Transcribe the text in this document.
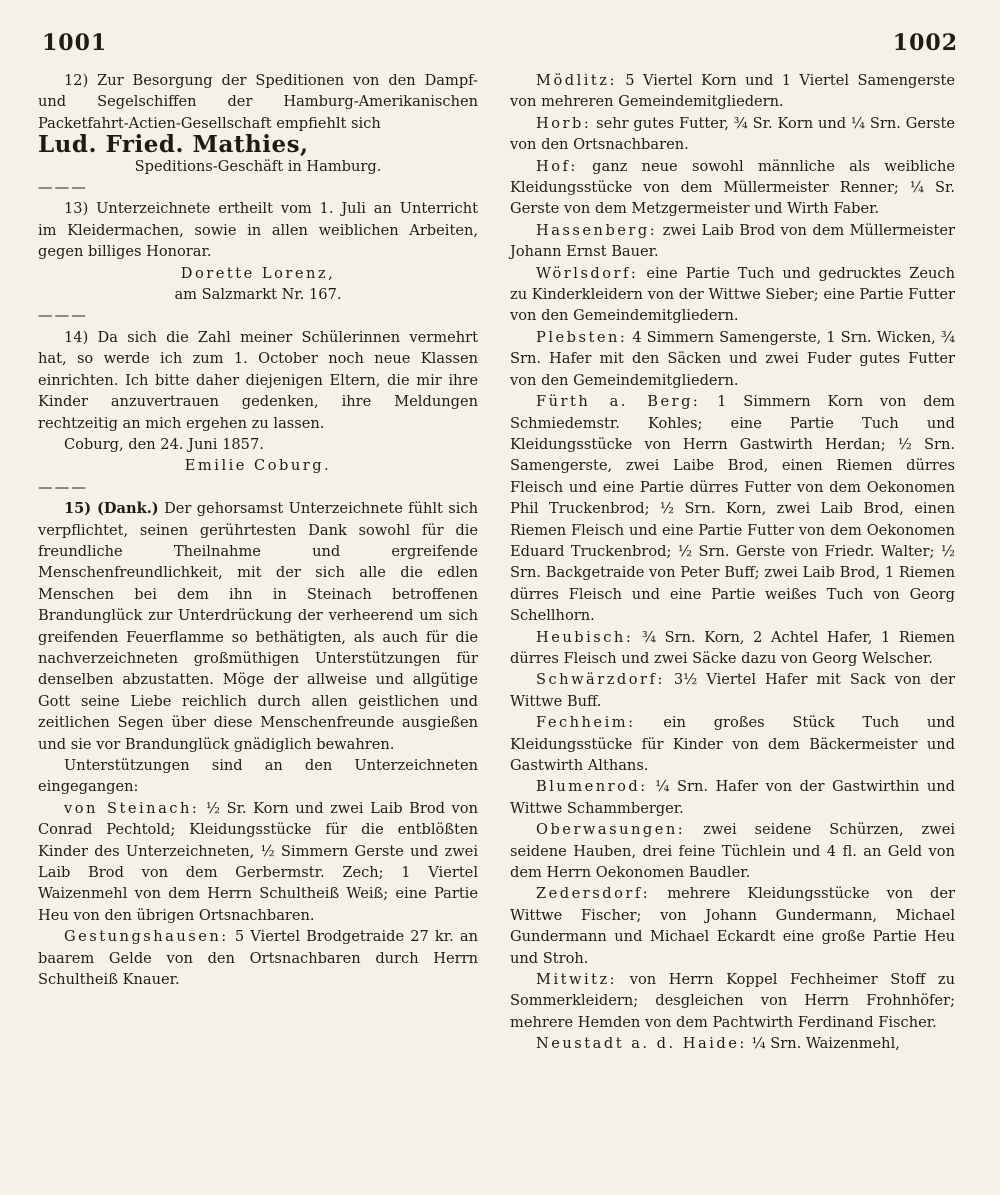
1001	1002

12) Zur Besorgung der Speditionen von den Dampf- und Segelschiffen der Hamburg-Amerikanischen Packetfahrt-Actien-Gesellschaft empfiehlt sich

Lud. Fried. Mathies,

Speditions-Geschäft in Hamburg.

———

13) Unterzeichnete ertheilt vom 1. Juli an Unterricht im Kleidermachen, sowie in allen weiblichen Arbeiten, gegen billiges Honorar.

Dorette Lorenz,

am Salzmarkt Nr. 167.

———

14) Da sich die Zahl meiner Schülerinnen vermehrt hat, so werde ich zum 1. October noch neue Klassen einrichten. Ich bitte daher diejenigen Eltern, die mir ihre Kinder anzuvertrauen gedenken, ihre Meldungen rechtzeitig an mich ergehen zu lassen.

Coburg, den 24. Juni 1857.

Emilie Coburg.

———

15) (Dank.) Der gehorsamst Unterzeichnete fühlt sich verpflichtet, seinen gerührtesten Dank sowohl für die freundliche Theilnahme und ergreifende Menschenfreundlichkeit, mit der sich alle die edlen Menschen bei dem ihn in Steinach betroffenen Brandunglück zur Unterdrückung der verheerend um sich greifenden Feuerflamme so bethätigten, als auch für die nachverzeichneten großmüthigen Unterstützungen für denselben abzustatten. Möge der allweise und allgütige Gott seine Liebe reichlich durch allen geistlichen und zeitlichen Segen über diese Menschenfreunde ausgießen und sie vor Brandunglück gnädiglich bewahren.

Unterstützungen sind an den Unterzeichneten eingegangen:

von Steinach: ½ Sr. Korn und zwei Laib Brod von Conrad Pechtold; Kleidungsstücke für die entblößten Kinder des Unterzeichneten, ½ Simmern Gerste und zwei Laib Brod von dem Gerbermstr. Zech; 1 Viertel Waizenmehl von dem Herrn Schultheiß Weiß; eine Partie Heu von den übrigen Ortsnachbaren.

Gestungshausen: 5 Viertel Brodgetraide 27 kr. an baarem Gelde von den Ortsnachbaren durch Herrn Schultheiß Knauer.

Mödlitz: 5 Viertel Korn und 1 Viertel Samengerste von mehreren Gemeindemitgliedern.

Horb: sehr gutes Futter, ¾ Sr. Korn und ¼ Srn. Gerste von den Ortsnachbaren.

Hof: ganz neue sowohl männliche als weibliche Kleidungsstücke von dem Müllermeister Renner; ¼ Sr. Gerste von dem Metzgermeister und Wirth Faber.

Hassenberg: zwei Laib Brod von dem Müllermeister Johann Ernst Bauer.

Wörlsdorf: eine Partie Tuch und gedrucktes Zeuch zu Kinderkleidern von der Wittwe Sieber; eine Partie Futter von den Gemeindemitgliedern.

Plebsten: 4 Simmern Samengerste, 1 Srn. Wicken, ¾ Srn. Hafer mit den Säcken und zwei Fuder gutes Futter von den Gemeindemitgliedern.

Fürth a. Berg: 1 Simmern Korn von dem Schmiedemstr. Kohles; eine Partie Tuch und Kleidungsstücke von Herrn Gastwirth Herdan; ½ Srn. Samengerste, zwei Laibe Brod, einen Riemen dürres Fleisch und eine Partie dürres Futter von dem Oekonomen Phil Truckenbrod; ½ Srn. Korn, zwei Laib Brod, einen Riemen Fleisch und eine Partie Futter von dem Oekonomen Eduard Truckenbrod; ½ Srn. Gerste von Friedr. Walter; ½ Srn. Backgetraide von Peter Buff; zwei Laib Brod, 1 Riemen dürres Fleisch und eine Partie weißes Tuch von Georg Schellhorn.

Heubisch: ¾ Srn. Korn, 2 Achtel Hafer, 1 Riemen dürres Fleisch und zwei Säcke dazu von Georg Welscher.

Schwärzdorf: 3½ Viertel Hafer mit Sack von der Wittwe Buff.

Fechheim: ein großes Stück Tuch und Kleidungsstücke für Kinder von dem Bäckermeister und Gastwirth Althans.

Blumenrod: ¼ Srn. Hafer von der Gastwirthin und Wittwe Schammberger.

Oberwasungen: zwei seidene Schürzen, zwei seidene Hauben, drei feine Tüchlein und 4 fl. an Geld von dem Herrn Oekonomen Baudler.

Zedersdorf: mehrere Kleidungsstücke von der Wittwe Fischer; von Johann Gundermann, Michael Gundermann und Michael Eckardt eine große Partie Heu und Stroh.

Mitwitz: von Herrn Koppel Fechheimer Stoff zu Sommerkleidern; desgleichen von Herrn Frohnhöfer; mehrere Hemden von dem Pachtwirth Ferdinand Fischer.

Neustadt a. d. Haide: ¼ Srn. Waizenmehl,
